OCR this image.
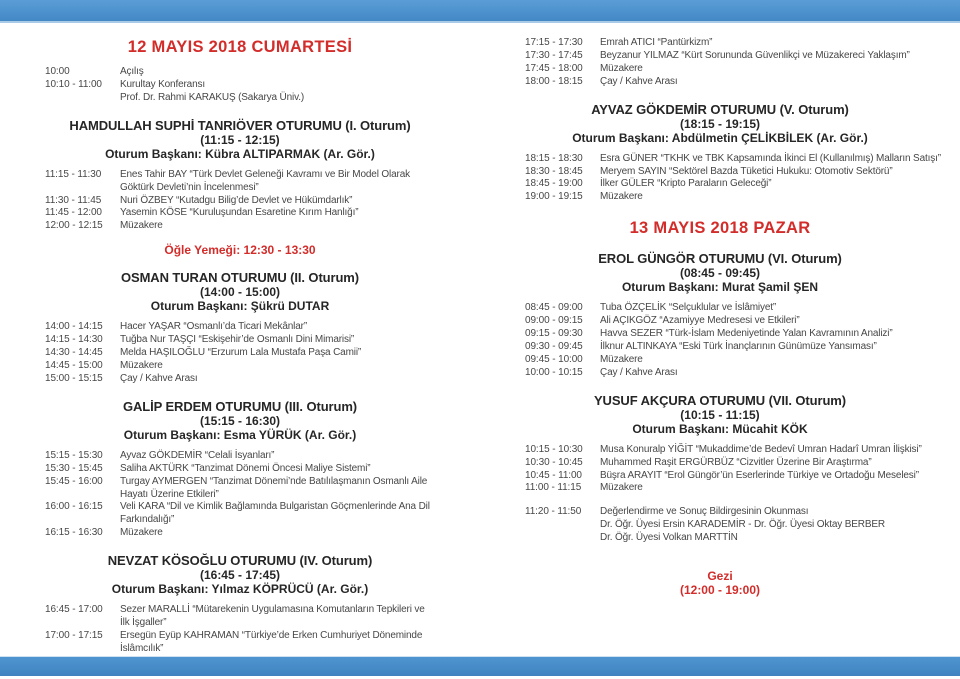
12 MAYIS 2018 CUMARTESİ
10:00	Açılış
10:10 - 11:00	Kurultay Konferansı
Prof. Dr. Rahmi KARAKUŞ (Sakarya Üniv.)
HAMDULLAH SUPHİ TANRIÖVER OTURUMU (I. Oturum)
(11:15 - 12:15)
Oturum Başkanı: Kübra ALTIPARMAK (Ar. Gör.)
11:15 - 11:30	Enes Tahir BAY “Türk Devlet Geleneği Kavramı ve Bir Model Olarak
Göktürk Devleti’nin İncelenmesi”
11:30 - 11:45	Nuri ÖZBEY “Kutadgu Bilig’de Devlet ve Hükümdarlık”
11:45 - 12:00	Yasemin KÖSE “Kuruluşundan Esaretine Kırım Hanlığı”
12:00 - 12:15	Müzakere
Öğle Yemeği: 12:30 - 13:30
OSMAN TURAN OTURUMU (II. Oturum)
(14:00 - 15:00)
Oturum Başkanı: Şükrü DUTAR
14:00 - 14:15	Hacer YAŞAR “Osmanlı’da Ticari Mekânlar”
14:15 - 14:30	Tuğba Nur TAŞÇI “Eskişehir’de Osmanlı Dini Mimarisi”
14:30 - 14:45	Melda HAŞILOĞLU “Erzurum Lala Mustafa Paşa Camii”
14:45 - 15:00	Müzakere
15:00 - 15:15	Çay / Kahve Arası
GALİP ERDEM OTURUMU (III. Oturum)
(15:15 - 16:30)
Oturum Başkanı: Esma YÜRÜK (Ar. Gör.)
15:15 - 15:30	Ayvaz GÖKDEMİR “Celali İsyanları”
15:30 - 15:45	Saliha AKTÜRK “Tanzimat Dönemi Öncesi Maliye Sistemi”
15:45 - 16:00	Turgay AYMERGEN “Tanzimat Dönemi’nde Batılılaşmanın Osmanlı Aile
Hayatı Üzerine Etkileri”
16:00 - 16:15	Veli KARA “Dil ve Kimlik Bağlamında Bulgaristan Göçmenlerinde Ana Dil
Farkındalığı”
16:15 - 16:30	Müzakere
NEVZAT KÖSOĞLU OTURUMU (IV. Oturum)
(16:45 - 17:45)
Oturum Başkanı: Yılmaz KÖPRÜCÜ (Ar. Gör.)
16:45 - 17:00	Sezer MARALLİ “Mütarekenin Uygulamasına Komutanların Tepkileri ve
İlk İşgaller”
17:00 - 17:15	Ersegün Eyüp KAHRAMAN “Türkiye’de Erken Cumhuriyet Döneminde
İslâmcılık”
17:15 - 17:30	Emrah ATICI “Pantürkizm”
17:30 - 17:45	Beyzanur YILMAZ “Kürt Sorununda Güvenlikçi ve Müzakereci Yaklaşım”
17:45 - 18:00	Müzakere
18:00 - 18:15	Çay / Kahve Arası
AYVAZ GÖKDEMİR OTURUMU (V. Oturum)
(18:15 - 19:15)
Oturum Başkanı: Abdülmetin ÇELİKBİLEK (Ar. Gör.)
18:15 - 18:30	Esra GÜNER “TKHK ve TBK Kapsamında İkinci El (Kullanılmış) Malların Satışı”
18:30 - 18:45	Meryem SAYIN “Sektörel Bazda Tüketici Hukuku: Otomotiv Sektörü”
18:45 - 19:00	İlker GÜLER “Kripto Paraların Geleceği”
19:00 - 19:15	Müzakere
13 MAYIS 2018 PAZAR
EROL GÜNGÖR OTURUMU (VI. Oturum)
(08:45 - 09:45)
Oturum Başkanı: Murat Şamil ŞEN
08:45 - 09:00	Tuba ÖZÇELİK “Selçuklular ve İslâmiyet”
09:00 - 09:15	Ali AÇIKGÖZ “Azamiyye Medresesi ve Etkileri”
09:15 - 09:30	Havva SEZER “Türk-İslam Medeniyetinde Yalan Kavramının Analizi”
09:30 - 09:45	İlknur ALTINKAYA “Eski Türk İnançlarının Günümüze Yansıması”
09:45 - 10:00	Müzakere
10:00 - 10:15	Çay / Kahve Arası
YUSUF AKÇURA OTURUMU (VII. Oturum)
(10:15 - 11:15)
Oturum Başkanı: Mücahit KÖK
10:15 - 10:30	Musa Konuralp YİĞİT “Mukaddime’de Bedevî Umran Hadarî Umran İlişkisi”
10:30 - 10:45	Muhammed Raşit ERGÜRBÜZ “Cizvitler Üzerine Bir Araştırma”
10:45 - 11:00	Büşra ARAYIT “Erol Güngör’ün Eserlerinde Türkiye ve Ortadoğu Meselesi”
11:00 - 11:15	Müzakere
11:20 - 11:50	Değerlendirme ve Sonuç Bildirgesinin Okunması
Dr. Öğr. Üyesi Ersin KARADEMİR - Dr. Öğr. Üyesi Oktay BERBER
Dr. Öğr. Üyesi Volkan MARTTİN
Gezi
(12:00 - 19:00)
